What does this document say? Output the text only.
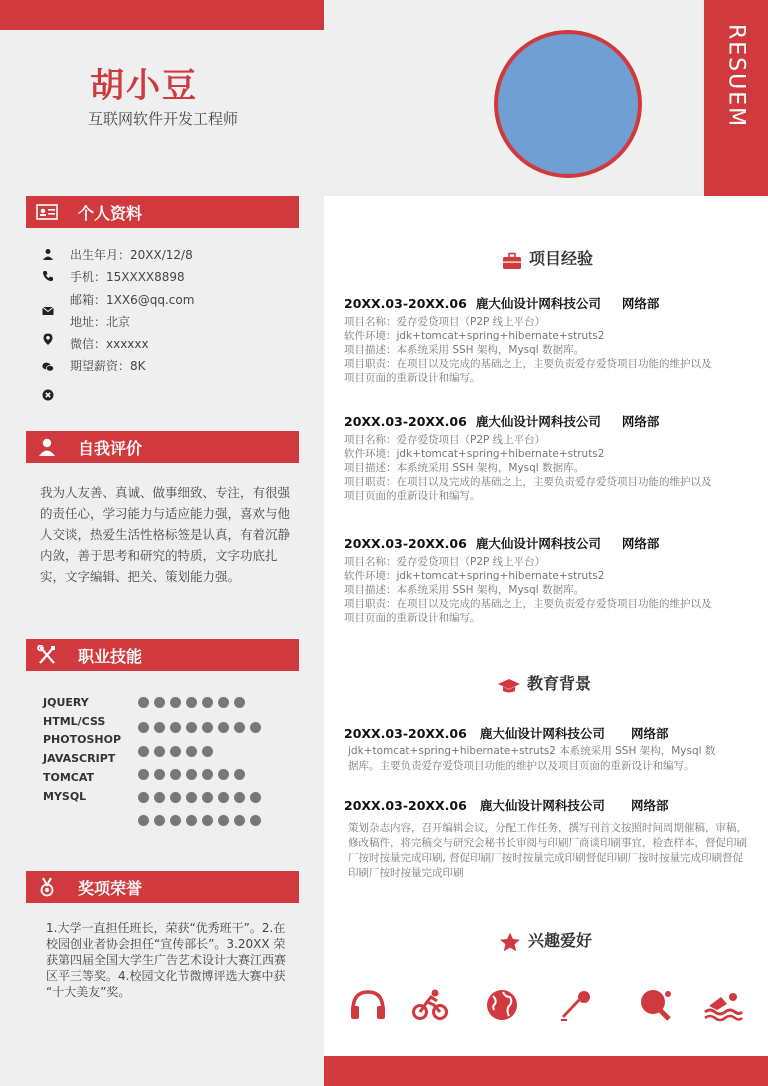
RESUEM
胡小豆
互联网软件开发工程师
个人资料
出生年月：20XX/12/8
手机：15XXXX8898
邮箱：1XX6@qq.com
地址：北京
微信：xxxxxx
期望薪资：8K
自我评价
我为人友善、真诚、做事细致、专注，有很强的责任心，学习能力与适应能力强，喜欢与他人交谈，热爱生活性格标签是认真，有着沉静内敛，善于思考和研究的特质，文字功底扎实，文字编辑、把关、策划能力强。
职业技能
JQUERY
HTML/CSS
PHOTOSHOP
JAVASCRIPT
TOMCAT
MYSQL
奖项荣誉
1.大学一直担任班长，荣获“优秀班干”。2.在校园创业者协会担任“宣传部长”。3.20XX 荣获第四届全国大学生广告艺术设计大赛江西赛区平三等奖。4.校园文化节微博评选大赛中获 “十大美友”奖。
项目经验
20XX.03-20XX.06 鹿大仙设计网科技公司 网络部
项目名称：爱存爱贷项目（P2P 线上平台）
软件环境：jdk+tomcat+spring+hibernate+struts2
项目描述：本系统采用 SSH 架构，Mysql 数据库。
项目职责：在项目以及完成的基础之上，主要负责爱存爱贷项目功能的维护以及
项目页面的重新设计和编写。
20XX.03-20XX.06 鹿大仙设计网科技公司 网络部
项目名称：爱存爱贷项目（P2P 线上平台）
软件环境：jdk+tomcat+spring+hibernate+struts2
项目描述：本系统采用 SSH 架构，Mysql 数据库。
项目职责：在项目以及完成的基础之上，主要负责爱存爱贷项目功能的维护以及
项目页面的重新设计和编写。
20XX.03-20XX.06 鹿大仙设计网科技公司 网络部
项目名称：爱存爱贷项目（P2P 线上平台）
软件环境：jdk+tomcat+spring+hibernate+struts2
项目描述：本系统采用 SSH 架构，Mysql 数据库。
项目职责：在项目以及完成的基础之上，主要负责爱存爱贷项目功能的维护以及
项目页面的重新设计和编写。
教育背景
20XX.03-20XX.06 鹿大仙设计网科技公司 网络部
jdk+tomcat+spring+hibernate+struts2 本系统采用 SSH 架构，Mysql 数据库。主要负责爱存爱贷项目功能的维护以及项目页面的重新设计和编写。
20XX.03-20XX.06 鹿大仙设计网科技公司 网络部
策划杂志内容，召开编辑会议，分配工作任务，撰写刊首文按照时间周期催稿，审稿，修改稿件，将完稿交与研究会秘书长审阅与印刷厂商谈印刷事宜，检查样本，督促印刷厂按时按量完成印刷, 督促印刷厂按时按量完成印刷督促印刷厂按时按量完成印刷督促印刷厂按时按量完成印刷
兴趣爱好
